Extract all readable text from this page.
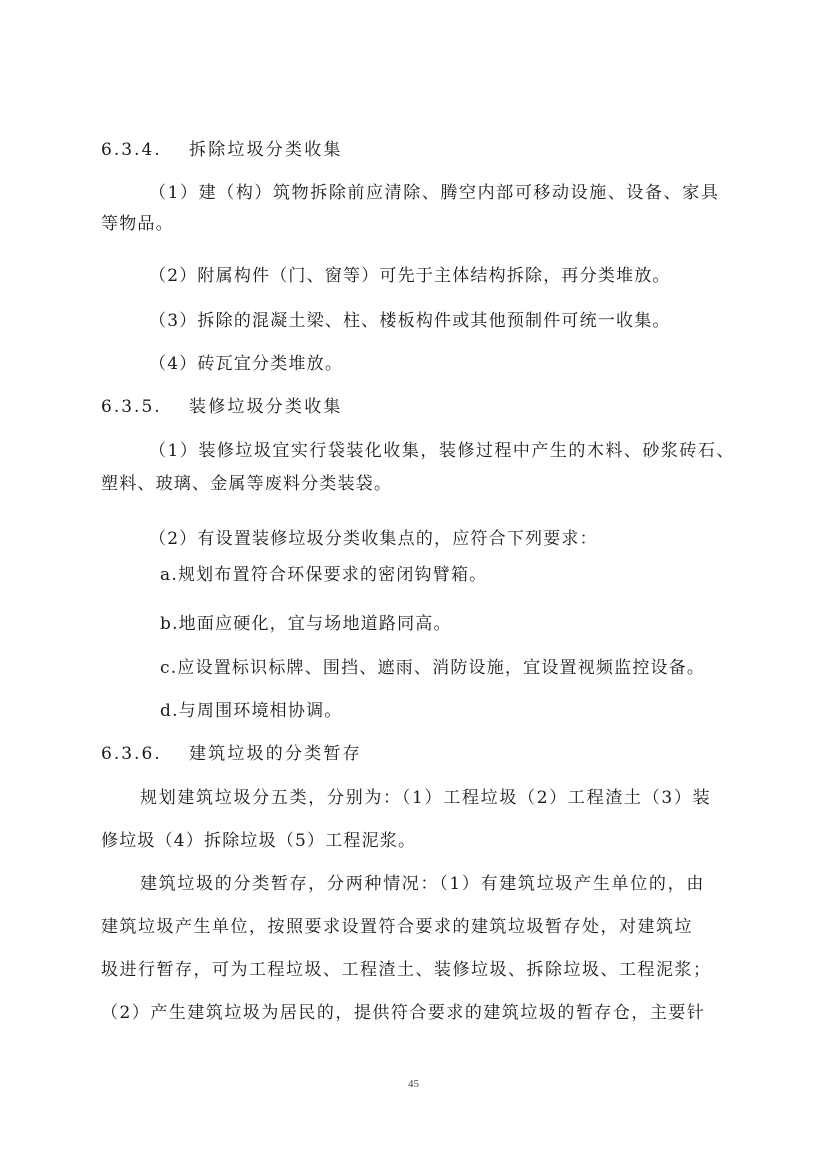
6.3.4. 拆除垃圾分类收集
（1）建（构）筑物拆除前应清除、腾空内部可移动设施、设备、家具
等物品。
（2）附属构件（门、窗等）可先于主体结构拆除，再分类堆放。
（3）拆除的混凝土梁、柱、楼板构件或其他预制件可统一收集。
（4）砖瓦宜分类堆放。
6.3.5. 装修垃圾分类收集
（1）装修垃圾宜实行袋装化收集，装修过程中产生的木料、砂浆砖石、
塑料、玻璃、金属等废料分类装袋。
（2）有设置装修垃圾分类收集点的，应符合下列要求：
a.规划布置符合环保要求的密闭钩臂箱。
b.地面应硬化，宜与场地道路同高。
c.应设置标识标牌、围挡、遮雨、消防设施，宜设置视频监控设备。
d.与周围环境相协调。
6.3.6. 建筑垃圾的分类暂存
规划建筑垃圾分五类，分别为：（1）工程垃圾（2）工程渣土（3）装
修垃圾（4）拆除垃圾（5）工程泥浆。
建筑垃圾的分类暂存，分两种情况：（1）有建筑垃圾产生单位的，由
建筑垃圾产生单位，按照要求设置符合要求的建筑垃圾暂存处，对建筑垃
圾进行暂存，可为工程垃圾、工程渣土、装修垃圾、拆除垃圾、工程泥浆；
（2）产生建筑垃圾为居民的，提供符合要求的建筑垃圾的暂存仓，主要针
45
